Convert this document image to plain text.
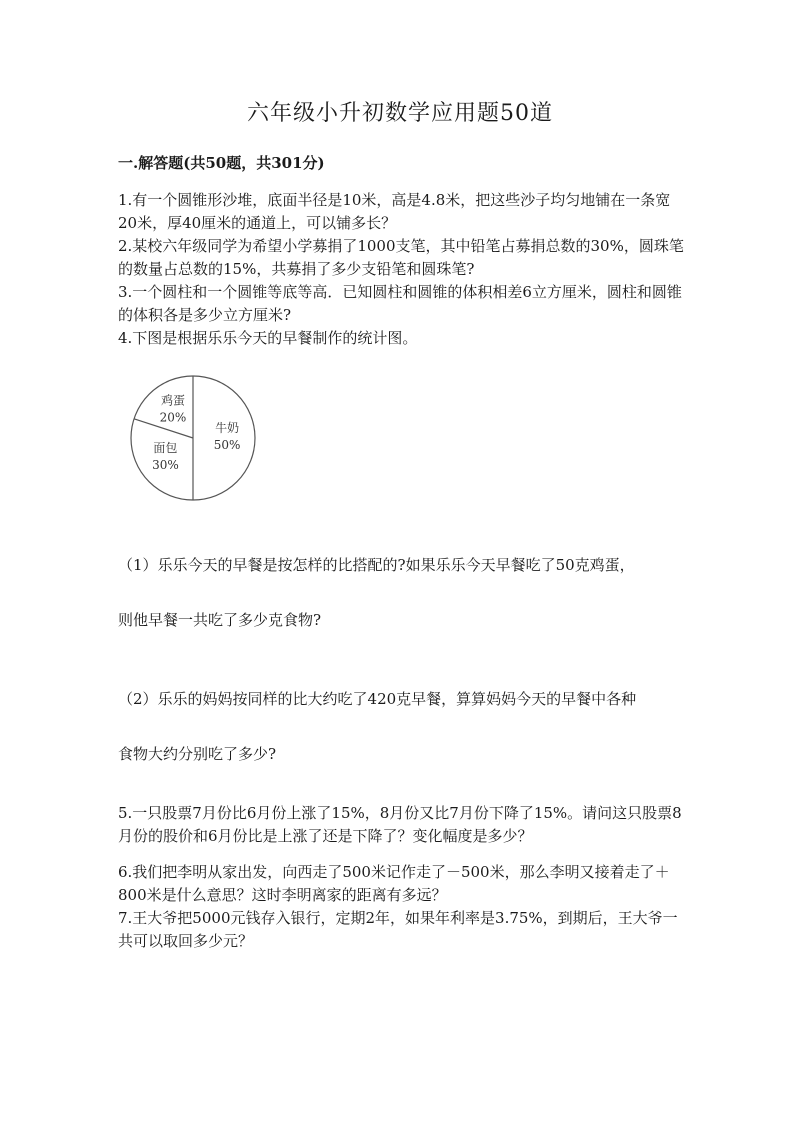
六年级小升初数学应用题50道
一.解答题(共50题，共301分)
1.有一个圆锥形沙堆，底面半径是10米，高是4.8米，把这些沙子均匀地铺在一条宽20米，厚40厘米的通道上，可以铺多长？
2.某校六年级同学为希望小学募捐了1000支笔，其中铅笔占募捐总数的30%，圆珠笔的数量占总数的15%，共募捐了多少支铅笔和圆珠笔?
3.一个圆柱和一个圆锥等底等高．已知圆柱和圆锥的体积相差6立方厘米，圆柱和圆锥的体积各是多少立方厘米?
4.下图是根据乐乐今天的早餐制作的统计图。
牛奶
50%
面包
30%
鸡蛋
20%
（1）乐乐今天的早餐是按怎样的比搭配的?如果乐乐今天早餐吃了50克鸡蛋，
则他早餐一共吃了多少克食物?
（2）乐乐的妈妈按同样的比大约吃了420克早餐，算算妈妈今天的早餐中各种
食物大约分别吃了多少?
5.一只股票7月份比6月份上涨了15%，8月份又比7月份下降了15%。请问这只股票8月份的股价和6月份比是上涨了还是下降了？变化幅度是多少？
6.我们把李明从家出发，向西走了500米记作走了－500米，那么李明又接着走了＋800米是什么意思？这时李明离家的距离有多远？
7.王大爷把5000元钱存入银行，定期2年，如果年利率是3.75%，到期后，王大爷一共可以取回多少元？
